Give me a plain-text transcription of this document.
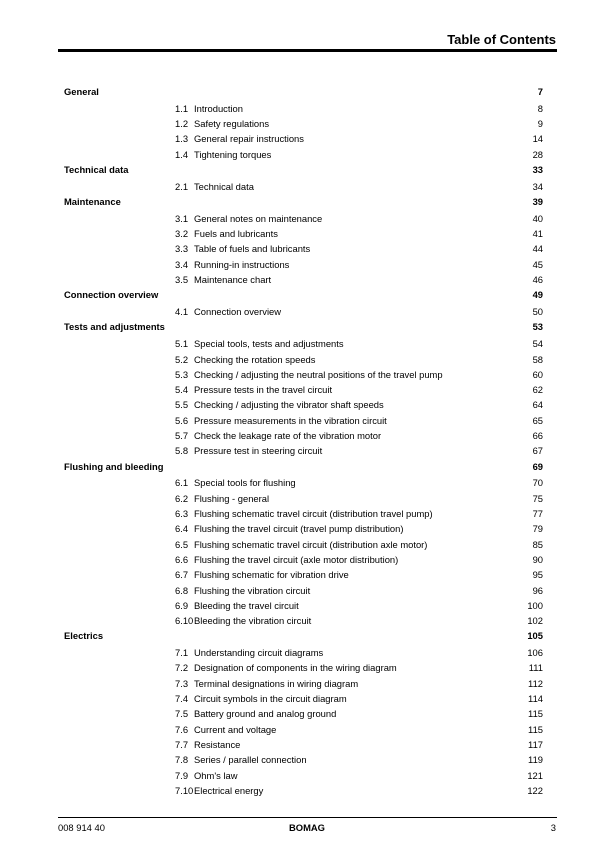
Table of Contents
General	7
1.1 Introduction	8
1.2 Safety regulations	9
1.3 General repair instructions	14
1.4 Tightening torques	28
Technical data	33
2.1 Technical data	34
Maintenance	39
3.1 General notes on maintenance	40
3.2 Fuels and lubricants	41
3.3 Table of fuels and lubricants	44
3.4 Running-in instructions	45
3.5 Maintenance chart	46
Connection overview	49
4.1 Connection overview	50
Tests and adjustments	53
5.1 Special tools, tests and adjustments	54
5.2 Checking the rotation speeds	58
5.3 Checking / adjusting the neutral positions of the travel pump	60
5.4 Pressure tests in the travel circuit	62
5.5 Checking / adjusting the vibrator shaft speeds	64
5.6 Pressure measurements in the vibration circuit	65
5.7 Check the leakage rate of the vibration motor	66
5.8 Pressure test in steering circuit	67
Flushing and bleeding	69
6.1 Special tools for flushing	70
6.2 Flushing - general	75
6.3 Flushing schematic travel circuit (distribution travel pump)	77
6.4 Flushing the travel circuit (travel pump distribution)	79
6.5 Flushing schematic travel circuit (distribution axle motor)	85
6.6 Flushing the travel circuit (axle motor distribution)	90
6.7 Flushing schematic for vibration drive	95
6.8 Flushing the vibration circuit	96
6.9 Bleeding the travel circuit	100
6.10 Bleeding the vibration circuit	102
Electrics	105
7.1 Understanding circuit diagrams	106
7.2 Designation of components in the wiring diagram	111
7.3 Terminal designations in wiring diagram	112
7.4 Circuit symbols in the circuit diagram	114
7.5 Battery ground and analog ground	115
7.6 Current and voltage	115
7.7 Resistance	117
7.8 Series / parallel connection	119
7.9 Ohm's law	121
7.10 Electrical energy	122
008 914 40	BOMAG	3
